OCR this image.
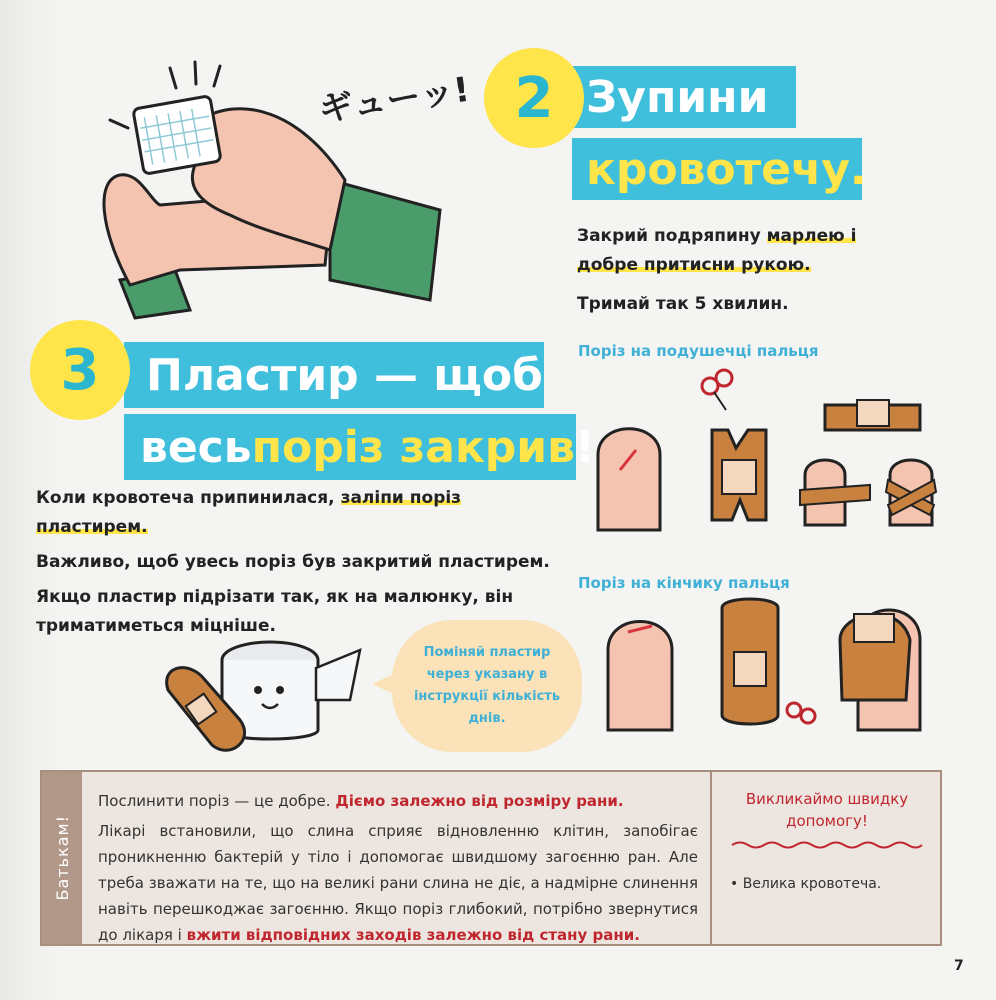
ギューッ!	Зупини
кровотечу.
2
Закрий подряпину марлею і
добре притисни рукою.
Тримай так 5 хвилин.
Пластир — щоб
весь поріз закрив !
3
Коли кровотеча припинилася, заліпи поріз
пластирем.
Важливо, щоб увесь поріз був закритий пластирем.
Якщо пластир підрізати так, як на малюнку, він
триматиметься міцніше.
Поріз на подушечці пальця
Поріз на кінчику пальця
Поміняй пластир
через указану в
інструкції кількість
днів.
Батькам!
Послинити поріз — це добре. Діємо залежно від розміру рани.
Лікарі встановили, що слина сприяє відновленню клітин, запобігає проникненню бактерій у тіло і допомогає швидшому загоєнню ран. Але треба зважати на те, що на великі рани слина не діє, а надмірне слинення навіть перешкоджає загоєнню. Якщо поріз глибокий, потрібно звернутися до лікаря і вжити відповідних заходів залежно від стану рани.
Викликаймо швидку допомогу!
• Велика кровотеча.
7
